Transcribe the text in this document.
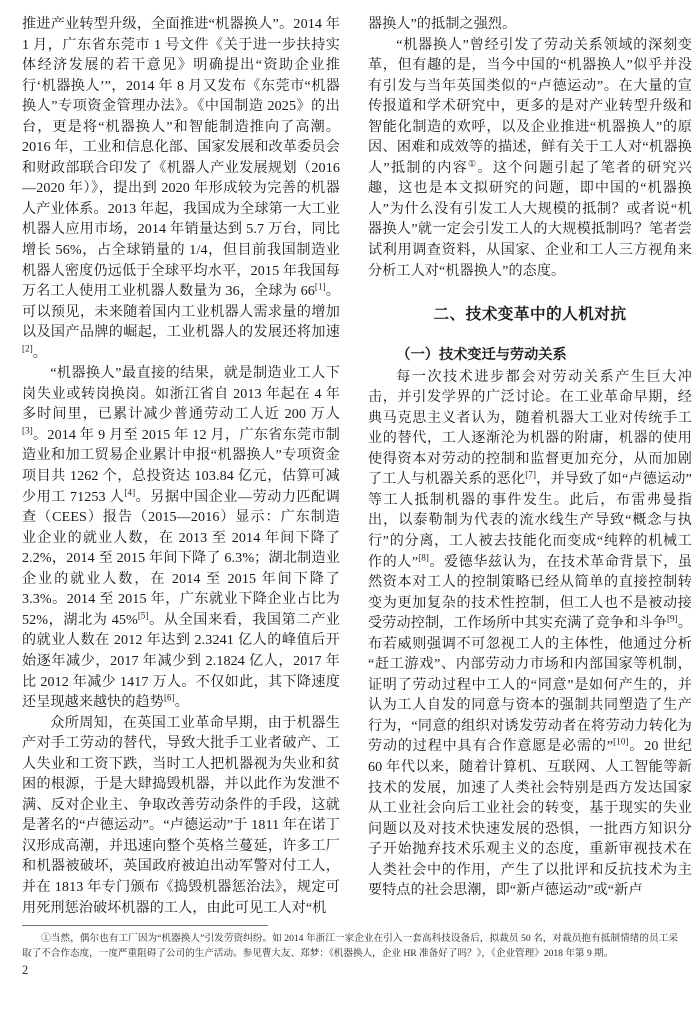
推进产业转型升级，全面推进“机器换人”。2014 年 1 月，广东省东莞市 1 号文件《关于进一步扶持实体经济发展的若干意见》明确提出“资助企业推行‘机器换人’”，2014 年 8 月又发布《东莞市“机器换人”专项资金管理办法》。《中国制造 2025》的出台，更是将“机器换人”和智能制造推向了高潮。2016 年，工业和信息化部、国家发展和改革委员会和财政部联合印发了《机器人产业发展规划（2016—2020 年）》，提出到 2020 年形成较为完善的机器人产业体系。2013 年起，我国成为全球第一大工业机器人应用市场，2014 年销量达到 5.7 万台，同比增长 56%，占全球销量的 1/4，但目前我国制造业机器人密度仍远低于全球平均水平，2015 年我国每万名工人使用工业机器人数量为 36，全球为 66[1]。可以预见，未来随着国内工业机器人需求量的增加以及国产品牌的崛起，工业机器人的发展还将加速[2]。

“机器换人”最直接的结果，就是制造业工人下岗失业或转岗换岗。如浙江省自 2013 年起在 4 年多时间里，已累计减少普通劳动工人近 200 万人[3]。2014 年 9 月至 2015 年 12 月，广东省东莞市制造业和加工贸易企业累计申报“机器换人”专项资金项目共 1262 个，总投资达 103.84 亿元，估算可减少用工 71253 人[4]。另据中国企业—劳动力匹配调查（CEES）报告（2015—2016）显示：广东制造业企业的就业人数，在 2013 至 2014 年间下降了2.2%，2014 至 2015 年间下降了 6.3%；湖北制造业企业的就业人数，在 2014 至 2015 年间下降了 3.3%。2014 至 2015 年，广东就业下降企业占比为 52%，湖北为 45%[5]。从全国来看，我国第二产业的就业人数在 2012 年达到 2.3241 亿人的峰值后开始逐年减少，2017 年减少到 2.1824 亿人，2017 年比 2012 年减少 1417 万人。不仅如此，其下降速度还呈现越来越快的趋势[6]。

众所周知，在英国工业革命早期，由于机器生产对手工劳动的替代，导致大批手工业者破产、工人失业和工资下跌，当时工人把机器视为失业和贫困的根源，于是大肆捣毁机器，并以此作为发泄不满、反对企业主、争取改善劳动条件的手段，这就是著名的“卢德运动”。“卢德运动”于 1811 年在诺丁汉形成高潮，并迅速向整个英格兰蔓延，许多工厂和机器被破坏，英国政府被迫出动军警对付工人，并在 1813 年专门颁布《捣毁机器惩治法》，规定可用死刑惩治破坏机器的工人，由此可见工人对“机

器换人”的抵制之强烈。

“机器换人”曾经引发了劳动关系领域的深刻变革，但有趣的是，当今中国的“机器换人”似乎并没有引发与当年英国类似的“卢德运动”。在大量的宣传报道和学术研究中，更多的是对产业转型升级和智能化制造的欢呼，以及企业推进“机器换人”的原因、困难和成效等的描述，鲜有关于工人对“机器换人”抵制的内容①。这个问题引起了笔者的研究兴趣，这也是本文拟研究的问题，即中国的“机器换人”为什么没有引发工人大规模的抵制？或者说“机器换人”就一定会引发工人的大规模抵制吗？笔者尝试利用调查资料，从国家、企业和工人三方视角来分析工人对“机器换人”的态度。

二、技术变革中的人机对抗
（一）技术变迁与劳动关系

每一次技术进步都会对劳动关系产生巨大冲击，并引发学界的广泛讨论。在工业革命早期，经典马克思主义者认为，随着机器大工业对传统手工业的替代，工人逐渐沦为机器的附庸，机器的使用使得资本对劳动的控制和监督更加充分，从而加剧了工人与机器关系的恶化[7]，并导致了如“卢德运动”等工人抵制机器的事件发生。此后，布雷弗曼指出，以泰勒制为代表的流水线生产导致“概念与执行”的分离，工人被去技能化而变成“纯粹的机械工作的人”[8]。爱德华兹认为，在技术革命背景下，虽然资本对工人的控制策略已经从简单的直接控制转变为更加复杂的技术性控制，但工人也不是被动接受劳动控制，工作场所中其实充满了竞争和斗争[9]。布若威则强调不可忽视工人的主体性，他通过分析“赶工游戏”、内部劳动力市场和内部国家等机制，证明了劳动过程中工人的“同意”是如何产生的，并认为工人自发的同意与资本的强制共同塑造了生产行为，“同意的组织对诱发劳动者在将劳动力转化为劳动的过程中具有合作意愿是必需的”[10]。20 世纪 60 年代以来，随着计算机、互联网、人工智能等新技术的发展，加速了人类社会特别是西方发达国家从工业社会向后工业社会的转变，基于现实的失业问题以及对技术快速发展的恐惧，一批西方知识分子开始抛弃技术乐观主义的态度，重新审视技术在人类社会中的作用，产生了以批评和反抗技术为主要特点的社会思潮，即“新卢德运动”或“新卢

①当然，偶尔也有工厂因为“机器换人”引发劳资纠纷。如 2014 年浙江一家企业在引入一套高科技设备后，拟裁员 50 名，对裁员抱有抵制情绪的员工采取了不合作态度，一度严重阻碍了公司的生产活动。参见曹大友、郑梦：《机器换人，企业 HR 准备好了吗？》，《企业管理》2018 年第 9 期。

2
